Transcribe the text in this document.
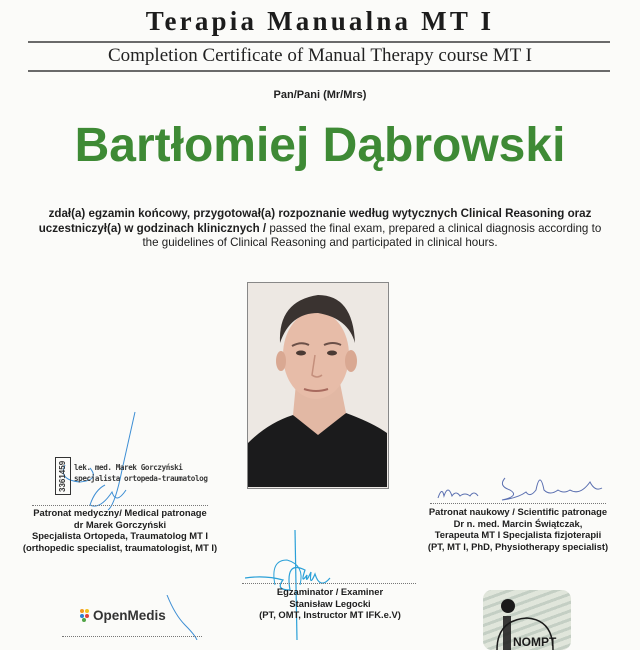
Terapia Manualna MT I
Completion Certificate of Manual Therapy course MT I
Pan/Pani (Mr/Mrs)
Bartłomiej Dąbrowski
zdał(a) egzamin końcowy, przygotował(a) rozpoznanie według wytycznych Clinical Reasoning oraz uczestniczył(a) w godzinach klinicznych / passed the final exam, prepared a clinical diagnosis according to the guidelines of Clinical Reasoning and participated in clinical hours.
3361459 lek. med. Marek Gorczyński
specjalista ortopeda-traumatolog
Patronat medyczny/ Medical patronage
dr Marek Gorczyński
Specjalista Ortopeda, Traumatolog MT I
(orthopedic specialist, traumatologist, MT I)
Patronat naukowy / Scientific patronage
Dr n. med. Marcin Świątczak,
Terapeuta MT I Specjalista fizjoterapii
(PT, MT I, PhD, Physiotherapy specialist)
Egzaminator / Examiner
Stanisław Legocki
(PT, OMT, Instructor MT IFK.e.V)
OpenMedis
NOMPT
